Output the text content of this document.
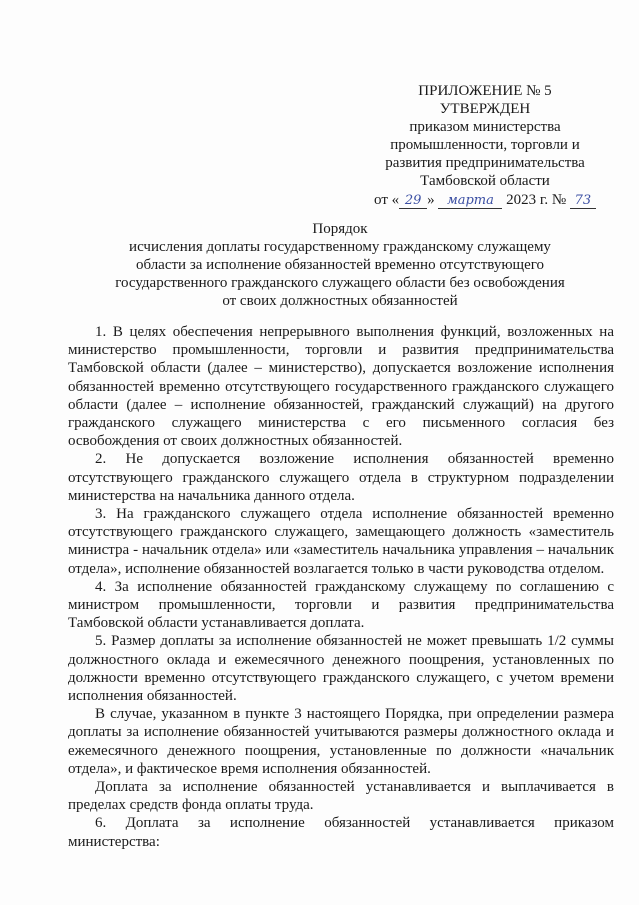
ПРИЛОЖЕНИЕ № 5
УТВЕРЖДЕН
приказом министерства
промышленности, торговли и
развития предпринимательства
Тамбовской области
от « 29 » марта 2023 г. № 73
Порядок
исчисления доплаты государственному гражданскому служащему
области за исполнение обязанностей временно отсутствующего
государственного гражданского служащего области без освобождения
от своих должностных обязанностей

1. В целях обеспечения непрерывного выполнения функций, возложенных на министерство промышленности, торговли и развития предпринимательства Тамбовской области (далее – министерство), допускается возложение исполнения обязанностей временно отсутствующего государственного гражданского служащего области (далее – исполнение обязанностей, гражданский служащий) на другого гражданского служащего министерства с его письменного согласия без освобождения от своих должностных обязанностей.

2. Не допускается возложение исполнения обязанностей временно отсутствующего гражданского служащего отдела в структурном подразделении министерства на начальника данного отдела.

3. На гражданского служащего отдела исполнение обязанностей временно отсутствующего гражданского служащего, замещающего должность «заместитель министра - начальник отдела» или «заместитель начальника управления – начальник отдела», исполнение обязанностей возлагается только в части руководства отделом.

4. За исполнение обязанностей гражданскому служащему по соглашению с министром промышленности, торговли и развития предпринимательства Тамбовской области устанавливается доплата.

5. Размер доплаты за исполнение обязанностей не может превышать 1/2 суммы должностного оклада и ежемесячного денежного поощрения, установленных по должности временно отсутствующего гражданского служащего, с учетом времени исполнения обязанностей.

В случае, указанном в пункте 3 настоящего Порядка, при определении размера доплаты за исполнение обязанностей учитываются размеры должностного оклада и ежемесячного денежного поощрения, установленные по должности «начальник отдела», и фактическое время исполнения обязанностей.

Доплата за исполнение обязанностей устанавливается и выплачивается в пределах средств фонда оплаты труда.

6. Доплата за исполнение обязанностей устанавливается приказом министерства:
